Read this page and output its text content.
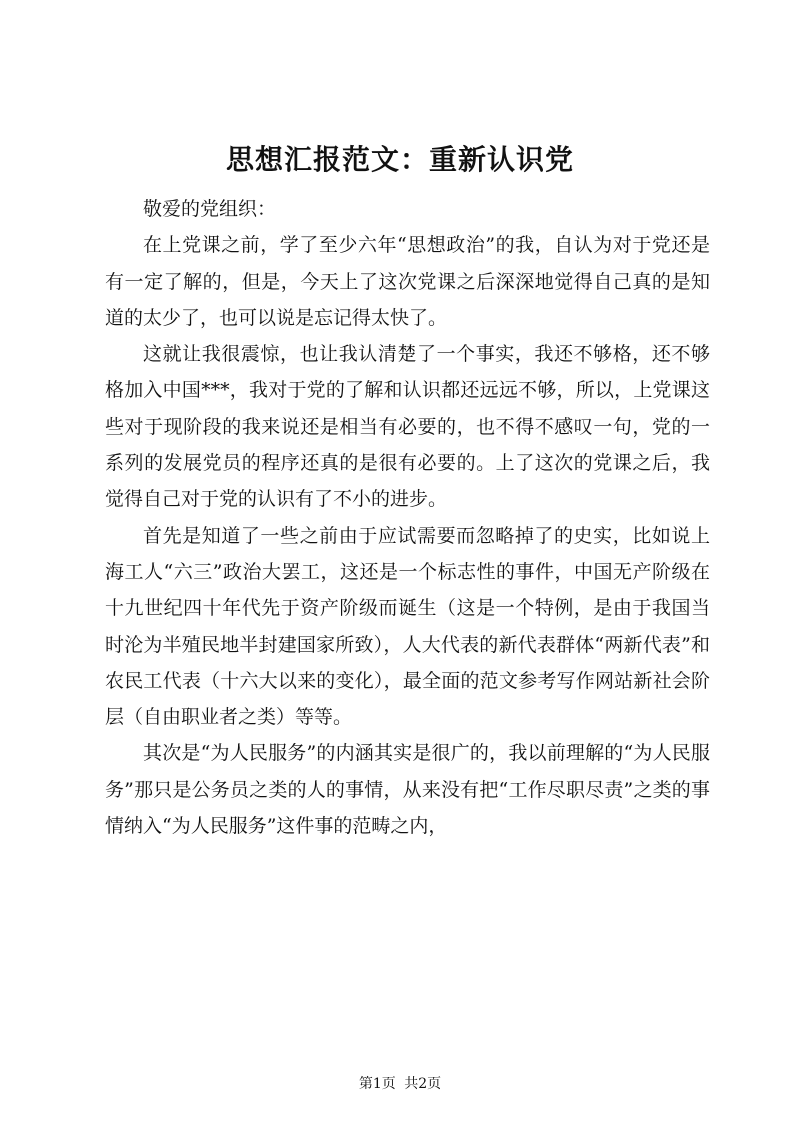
思想汇报范文：重新认识党

敬爱的党组织：

在上党课之前，学了至少六年“思想政治”的我，自认为对于党还是有一定了解的，但是，今天上了这次党课之后深深地觉得自己真的是知道的太少了，也可以说是忘记得太快了。

这就让我很震惊，也让我认清楚了一个事实，我还不够格，还不够格加入中国***，我对于党的了解和认识都还远远不够，所以，上党课这些对于现阶段的我来说还是相当有必要的，也不得不感叹一句，党的一系列的发展党员的程序还真的是很有必要的。上了这次的党课之后，我觉得自己对于党的认识有了不小的进步。

首先是知道了一些之前由于应试需要而忽略掉了的史实，比如说上海工人“六三”政治大罢工，这还是一个标志性的事件，中国无产阶级在十九世纪四十年代先于资产阶级而诞生（这是一个特例，是由于我国当时沦为半殖民地半封建国家所致），人大代表的新代表群体“两新代表”和农民工代表（十六大以来的变化），最全面的范文参考写作网站新社会阶层（自由职业者之类）等等。

其次是“为人民服务”的内涵其实是很广的，我以前理解的“为人民服务”那只是公务员之类的人的事情，从来没有把“工作尽职尽责”之类的事情纳入“为人民服务”这件事的范畴之内，

第1页 共2页
